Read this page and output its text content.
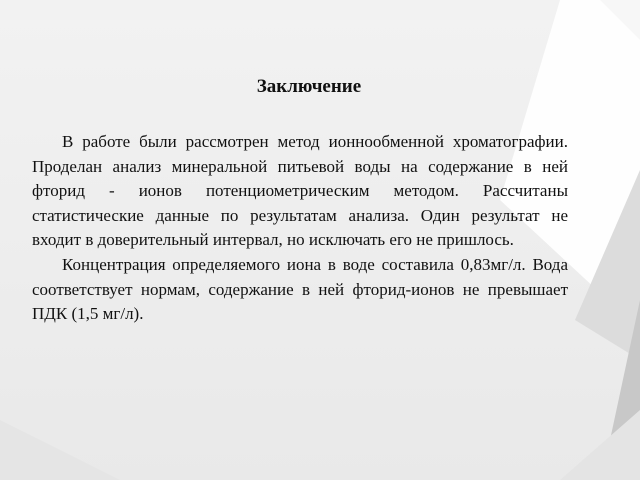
Заключение

В работе были рассмотрен метод ионнообменной хроматографии. Проделан анализ минеральной питьевой воды на содержание в ней фторид - ионов потенциометрическим методом. Рассчитаны статистические данные по результатам анализа. Один результат не входит в доверительный интервал, но исключать его не пришлось.

Концентрация определяемого иона в воде составила 0,83мг/л. Вода соответствует нормам, содержание в ней фторид-ионов не превышает ПДК (1,5 мг/л).
